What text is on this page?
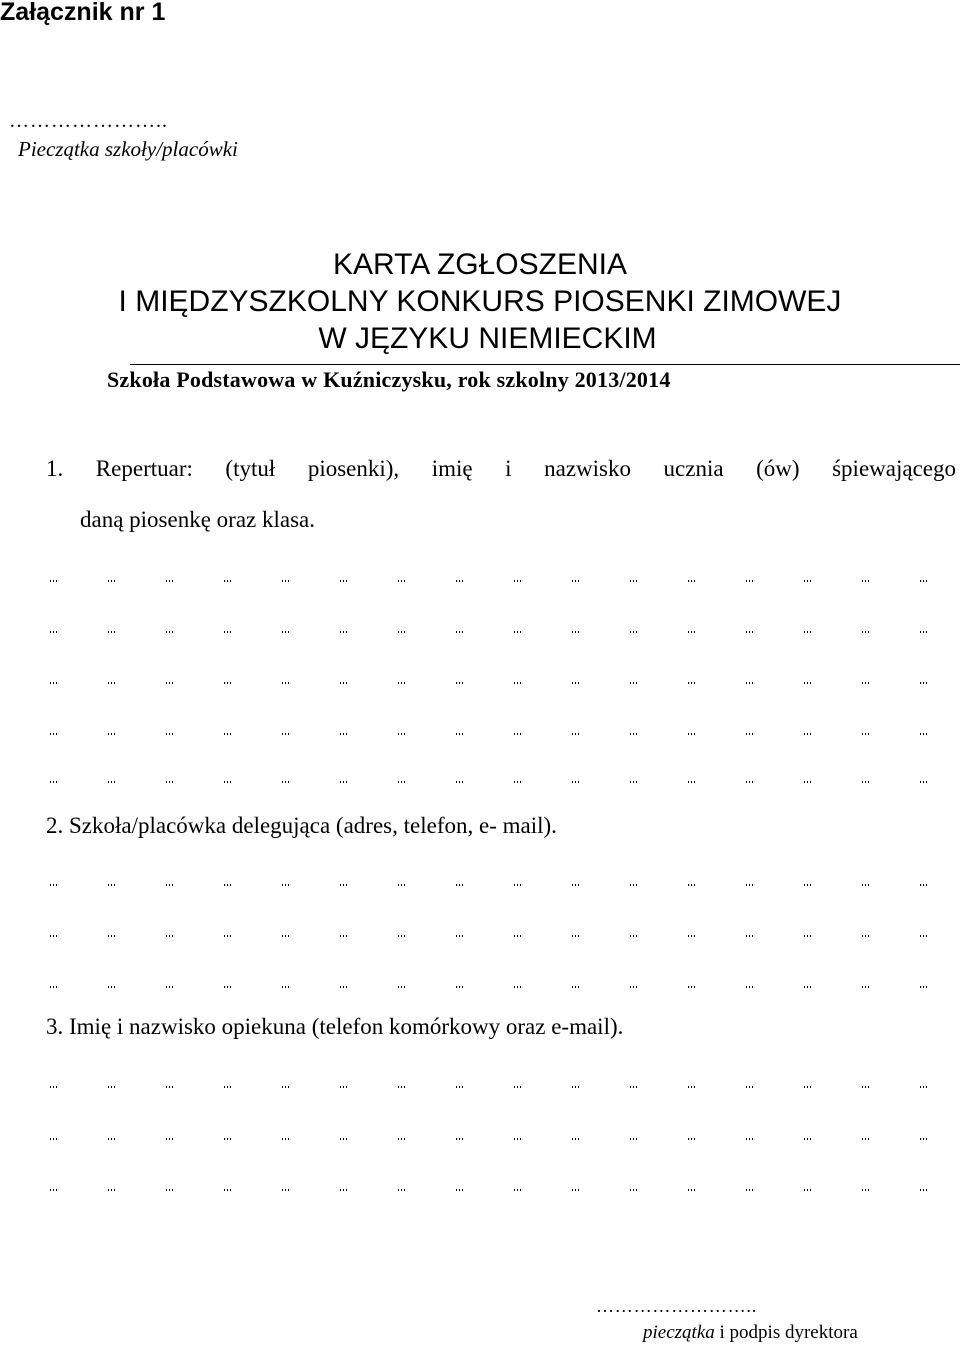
Załącznik nr 1
…………………..
Pieczątka szkoły/placówki
KARTA ZGŁOSZENIA
I MIĘDZYSZKOLNY KONKURS PIOSENKI ZIMOWEJ
W JĘZYKU NIEMIECKIM
Szkoła Podstawowa w Kuźniczysku, rok szkolny 2013/2014
1. Repertuar: (tytuł piosenki), imię i nazwisko ucznia (ów) śpiewającego
daną piosenkę oraz klasa.
2. Szkoła/placówka delegująca (adres, telefon, e- mail).
3. Imię i nazwisko opiekuna (telefon komórkowy oraz e-mail).
……………………..
pieczątka i podpis dyrektora
